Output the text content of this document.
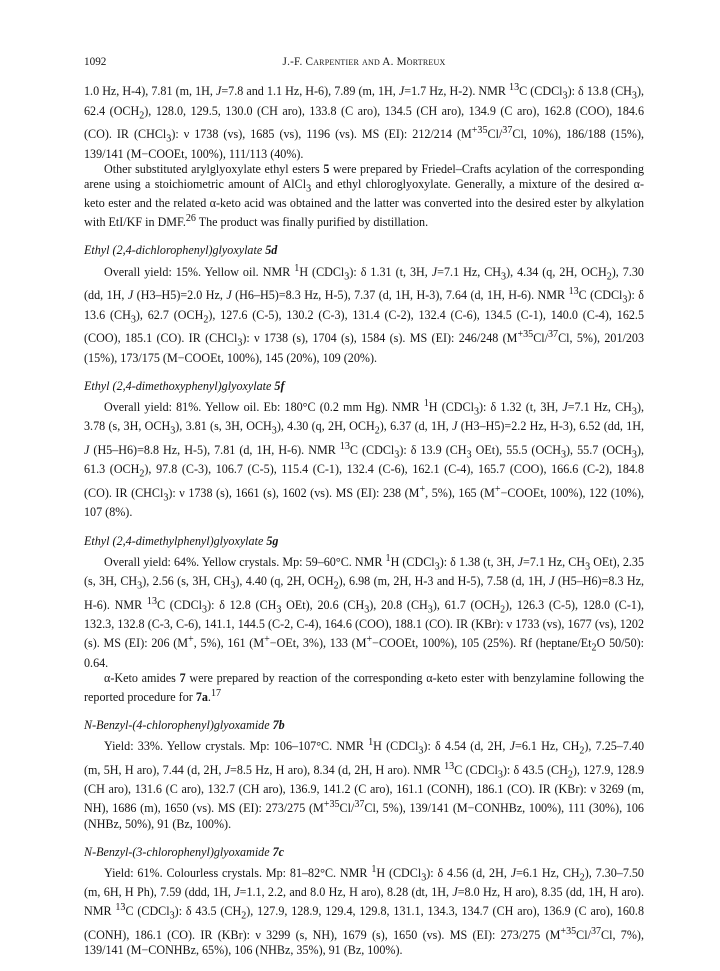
1092	J.-F. Carpentier and A. Mortreux

1.0 Hz, H-4), 7.81 (m, 1H, J=7.8 and 1.1 Hz, H-6), 7.89 (m, 1H, J=1.7 Hz, H-2). NMR $^{13}$C (CDCl$_3$): δ 13.8 $(CH_3)$, 62.4 $(OCH_2)$, 128.0, 129.5, 130.0 (CH aro), 133.8 (C aro), 134.5 (CH aro), 134.9 (C aro), 162.8 (COO), 184.6 (CO). IR (CHCl$_3$): ν 1738 (vs), 1685 (vs), 1196 (vs). MS (EI): 212/214 ($M^{+35}Cl/^{37}Cl$, 10%), 186/188 (15%), 139/141 (M−COOEt, 100%), 111/113 (40%).

Other substituted arylglyoxylate ethyl esters 5 were prepared by Friedel–Crafts acylation of the corresponding arene using a stoichiometric amount of AlCl$_3$ and ethyl chloroglyoxylate. Generally, a mixture of the desired α-keto ester and the related α-keto acid was obtained and the latter was converted into the desired ester by alkylation with EtI/KF in DMF.$^{26}$ The product was finally purified by distillation.

Ethyl (2,4-dichlorophenyl)glyoxylate 5d

Overall yield: 15%. Yellow oil. NMR $^1$H (CDCl$_3$): δ 1.31 (t, 3H, J=7.1 Hz, $CH_3$), 4.34 (q, 2H, $OCH_2$), 7.30 (dd, 1H, J (H3–H5)=2.0 Hz, J (H6–H5)=8.3 Hz, H-5), 7.37 (d, 1H, H-3), 7.64 (d, 1H, H-6). NMR $^{13}$C (CDCl$_3$): δ 13.6 $(CH_3)$, 62.7 $(OCH_2)$, 127.6 (C-5), 130.2 (C-3), 131.4 (C-2), 132.4 (C-6), 134.5 (C-1), 140.0 (C-4), 162.5 (COO), 185.1 (CO). IR (CHCl$_3$): ν 1738 (s), 1704 (s), 1584 (s). MS (EI): 246/248 ($M^{+35}Cl/^{37}Cl$, 5%), 201/203 (15%), 173/175 (M−COOEt, 100%), 145 (20%), 109 (20%).

Ethyl (2,4-dimethoxyphenyl)glyoxylate 5f

Overall yield: 81%. Yellow oil. Eb: 180°C (0.2 mm Hg). NMR $^1$H (CDCl$_3$): δ 1.32 (t, 3H, J=7.1 Hz, $CH_3$), 3.78 (s, 3H, $OCH_3$), 3.81 (s, 3H, $OCH_3$), 4.30 (q, 2H, $OCH_2$), 6.37 (d, 1H, J (H3–H5)=2.2 Hz, H-3), 6.52 (dd, 1H, J (H5–H6)=8.8 Hz, H-5), 7.81 (d, 1H, H-6). NMR $^{13}$C (CDCl$_3$): δ 13.9 ($CH_3$ OEt), 55.5 $(OCH_3)$, 55.7 $(OCH_3)$, 61.3 $(OCH_2)$, 97.8 (C-3), 106.7 (C-5), 115.4 (C-1), 132.4 (C-6), 162.1 (C-4), 165.7 (COO), 166.6 (C-2), 184.8 (CO). IR (CHCl$_3$): ν 1738 (s), 1661 (s), 1602 (vs). MS (EI): 238 (M+, 5%), 165 (M+−COOEt, 100%), 122 (10%), 107 (8%).

Ethyl (2,4-dimethylphenyl)glyoxylate 5g

Overall yield: 64%. Yellow crystals. Mp: 59–60°C. NMR $^1$H (CDCl$_3$): δ 1.38 (t, 3H, J=7.1 Hz, $CH_3$ OEt), 2.35 (s, 3H, $CH_3$), 2.56 (s, 3H, $CH_3$), 4.40 (q, 2H, $OCH_2$), 6.98 (m, 2H, H-3 and H-5), 7.58 (d, 1H, J (H5–H6)=8.3 Hz, H-6). NMR $^{13}$C (CDCl$_3$): δ 12.8 ($CH_3$ OEt), 20.6 $(CH_3)$, 20.8 $(CH_3)$, 61.7 $(OCH_2)$, 126.3 (C-5), 128.0 (C-1), 132.3, 132.8 (C-3, C-6), 141.1, 144.5 (C-2, C-4), 164.6 (COO), 188.1 (CO). IR (KBr): ν 1733 (vs), 1677 (vs), 1202 (s). MS (EI): 206 (M+, 5%), 161 (M+−OEt, 3%), 133 (M+−COOEt, 100%), 105 (25%). Rf ($heptane/Et_2O$ 50/50): 0.64.

α-Keto amides 7 were prepared by reaction of the corresponding α-keto ester with benzylamine following the reported procedure for 7a.$^{17}$

N-Benzyl-(4-chlorophenyl)glyoxamide 7b

Yield: 33%. Yellow crystals. Mp: 106–107°C. NMR $^1$H (CDCl$_3$): δ 4.54 (d, 2H, J=6.1 Hz, $CH_2$), 7.25–7.40 (m, 5H, H aro), 7.44 (d, 2H, J=8.5 Hz, H aro), 8.34 (d, 2H, H aro). NMR $^{13}$C (CDCl$_3$): δ 43.5 $(CH_2)$, 127.9, 128.9 (CH aro), 131.6 (C aro), 132.7 (CH aro), 136.9, 141.2 (C aro), 161.1 (CONH), 186.1 (CO). IR (KBr): ν 3269 (m, NH), 1686 (m), 1650 (vs). MS (EI): 273/275 ($M^{+35}Cl/^{37}Cl$, 5%), 139/141 (M−CONHBz, 100%), 111 (30%), 106 (NHBz, 50%), 91 (Bz, 100%).

N-Benzyl-(3-chlorophenyl)glyoxamide 7c

Yield: 61%. Colourless crystals. Mp: 81–82°C. NMR $^1$H (CDCl$_3$): δ 4.56 (d, 2H, J=6.1 Hz, $CH_2$), 7.30–7.50 (m, 6H, H Ph), 7.59 (ddd, 1H, J=1.1, 2.2, and 8.0 Hz, H aro), 8.28 (dt, 1H, J=8.0 Hz, H aro), 8.35 (dd, 1H, H aro). NMR $^{13}$C (CDCl$_3$): δ 43.5 $(CH_2)$, 127.9, 128.9, 129.4, 129.8, 131.1, 134.3, 134.7 (CH aro), 136.9 (C aro), 160.8 (CONH), 186.1 (CO). IR (KBr): ν 3299 (s, NH), 1679 (s), 1650 (vs). MS (EI): 273/275 ($M^{+35}Cl/^{37}Cl$, 7%), 139/141 (M−CONHBz, 65%), 106 (NHBz, 35%), 91 (Bz, 100%).
